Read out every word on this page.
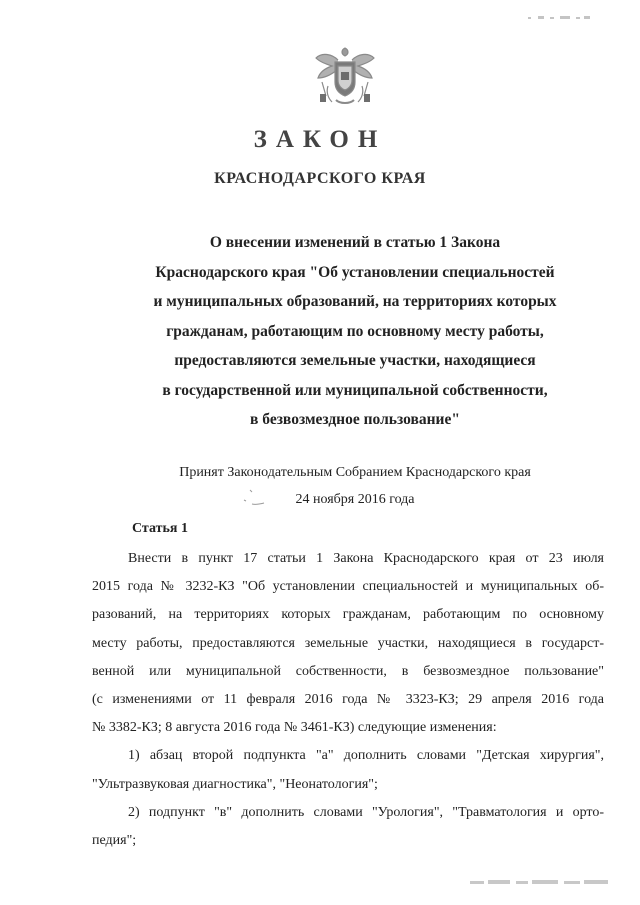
ЗАКОН
КРАСНОДАРСКОГО КРАЯ
О внесении изменений в статью 1 Закона
Краснодарского края "Об установлении специальностей
и муниципальных образований, на территориях которых
гражданам, работающим по основному месту работы,
предоставляются земельные участки, находящиеся
в государственной или муниципальной собственности,
в безвозмездное пользование"
Принят Законодательным Собранием Краснодарского края
24 ноября 2016 года
Статья 1
Внести в пункт 17 статьи 1 Закона Краснодарского края от 23 июля
2015 года № 3232-КЗ "Об установлении специальностей и муниципальных об-
разований, на территориях которых гражданам, работающим по основному
месту работы, предоставляются земельные участки, находящиеся в государст-
венной или муниципальной собственности, в безвозмездное пользование"
(с изменениями от 11 февраля 2016 года № 3323-КЗ; 29 апреля 2016 года
№ 3382-КЗ; 8 августа 2016 года № 3461-КЗ) следующие изменения:
1) абзац второй подпункта "а" дополнить словами "Детская хирургия",
"Ультразвуковая диагностика", "Неонатология";
2) подпункт "в" дополнить словами "Урология", "Травматология и орто-
педия";
